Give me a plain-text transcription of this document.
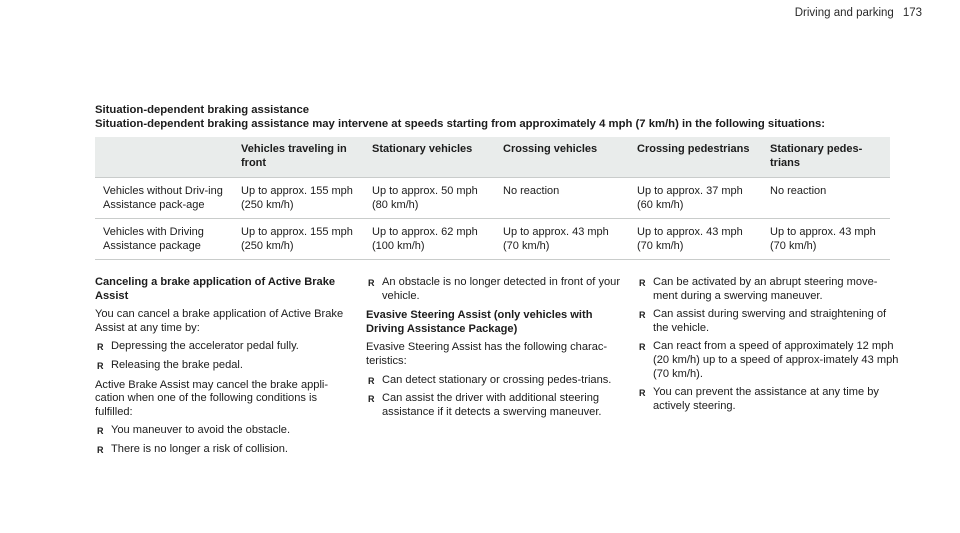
Driving and parking 173
Situation-dependent braking assistance
Situation-dependent braking assistance may intervene at speeds starting from approximately 4 mph (7 km/h) in the following situations:
	Vehicles traveling in front	Stationary vehicles	Crossing vehicles	Crossing pedestrians	Stationary pedes-trians
Vehicles without Driv-ing Assistance pack-age	Up to approx. 155 mph (250 km/h)	Up to approx. 50 mph (80 km/h)	No reaction	Up to approx. 37 mph (60 km/h)	No reaction
Vehicles with Driving Assistance package	Up to approx. 155 mph (250 km/h)	Up to approx. 62 mph (100 km/h)	Up to approx. 43 mph (70 km/h)	Up to approx. 43 mph (70 km/h)	Up to approx. 43 mph (70 km/h)
Canceling a brake application of Active Brake Assist

You can cancel a brake application of Active Brake Assist at any time by:

R Depressing the accelerator pedal fully.
R Releasing the brake pedal.

Active Brake Assist may cancel the brake appli-cation when one of the following conditions is fulfilled:

R You maneuver to avoid the obstacle.
R There is no longer a risk of collision.
R An obstacle is no longer detected in front of your vehicle.
Evasive Steering Assist (only vehicles with Driving Assistance Package)

Evasive Steering Assist has the following charac-teristics:

R Can detect stationary or crossing pedes-trians.
R Can assist the driver with additional steering assistance if it detects a swerving maneuver.
R Can be activated by an abrupt steering move-ment during a swerving maneuver.
R Can assist during swerving and straightening of the vehicle.
R Can react from a speed of approximately 12 mph (20 km/h) up to a speed of approx-imately 43 mph (70 km/h).
R You can prevent the assistance at any time by actively steering.
